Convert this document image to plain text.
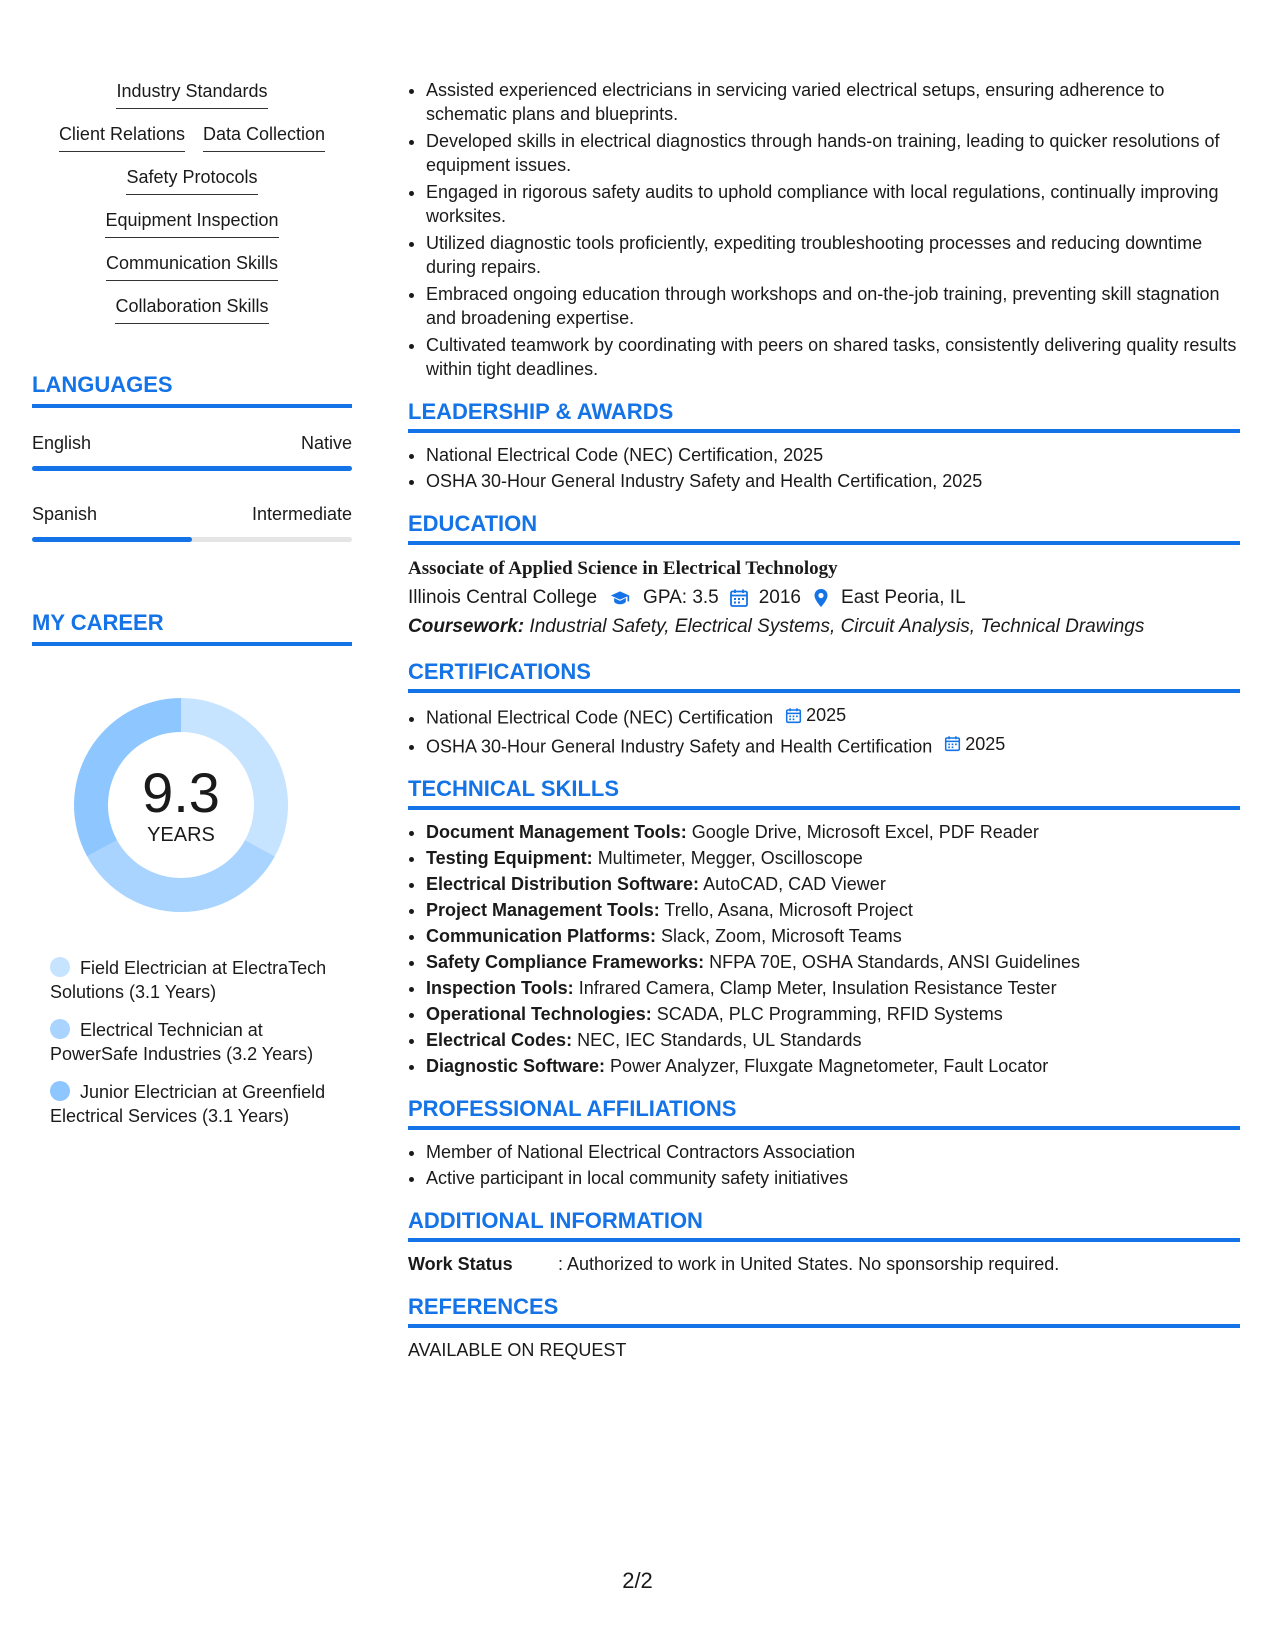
Industry Standards
Client Relations Data Collection
Safety Protocols
Equipment Inspection
Communication Skills
Collaboration Skills
LANGUAGES
English	Native
Spanish	Intermediate
MY CAREER
9.3
YEARS
Field Electrician at ElectraTech Solutions (3.1 Years)
Electrical Technician at PowerSafe Industries (3.2 Years)
Junior Electrician at Greenfield Electrical Services (3.1 Years)
• Assisted experienced electricians in servicing varied electrical setups, ensuring adherence to schematic plans and blueprints.
• Developed skills in electrical diagnostics through hands-on training, leading to quicker resolutions of equipment issues.
• Engaged in rigorous safety audits to uphold compliance with local regulations, continually improving worksites.
• Utilized diagnostic tools proficiently, expediting troubleshooting processes and reducing downtime during repairs.
• Embraced ongoing education through workshops and on-the-job training, preventing skill stagnation and broadening expertise.
• Cultivated teamwork by coordinating with peers on shared tasks, consistently delivering quality results within tight deadlines.
LEADERSHIP & AWARDS
• National Electrical Code (NEC) Certification, 2025
• OSHA 30-Hour General Industry Safety and Health Certification, 2025
EDUCATION
Associate of Applied Science in Electrical Technology
Illinois Central College GPA: 3.5 2016 East Peoria, IL
Coursework: Industrial Safety, Electrical Systems, Circuit Analysis, Technical Drawings
CERTIFICATIONS
• National Electrical Code (NEC) Certification 2025
• OSHA 30-Hour General Industry Safety and Health Certification 2025
TECHNICAL SKILLS
• Document Management Tools: Google Drive, Microsoft Excel, PDF Reader
• Testing Equipment: Multimeter, Megger, Oscilloscope
• Electrical Distribution Software: AutoCAD, CAD Viewer
• Project Management Tools: Trello, Asana, Microsoft Project
• Communication Platforms: Slack, Zoom, Microsoft Teams
• Safety Compliance Frameworks: NFPA 70E, OSHA Standards, ANSI Guidelines
• Inspection Tools: Infrared Camera, Clamp Meter, Insulation Resistance Tester
• Operational Technologies: SCADA, PLC Programming, RFID Systems
• Electrical Codes: NEC, IEC Standards, UL Standards
• Diagnostic Software: Power Analyzer, Fluxgate Magnetometer, Fault Locator
PROFESSIONAL AFFILIATIONS
• Member of National Electrical Contractors Association
• Active participant in local community safety initiatives
ADDITIONAL INFORMATION
Work Status	: Authorized to work in United States. No sponsorship required.
REFERENCES
AVAILABLE ON REQUEST
2/2
